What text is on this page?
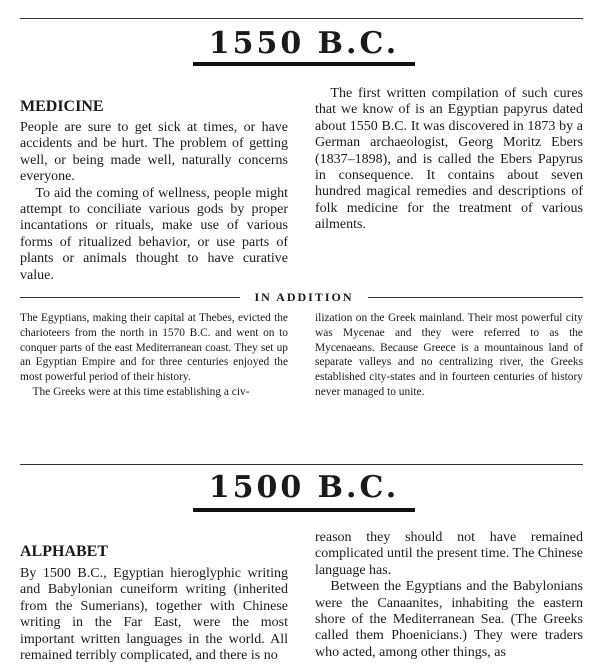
1550 B.C.
MEDICINE

People are sure to get sick at times, or have accidents and be hurt. The problem of getting well, or being made well, naturally concerns everyone.

To aid the coming of wellness, people might attempt to conciliate various gods by proper incantations or rituals, make use of various forms of ritualized behavior, or use parts of plants or animals thought to have curative value.

The first written compilation of such cures that we know of is an Egyptian papyrus dated about 1550 B.C. It was discovered in 1873 by a German archaeologist, Georg Moritz Ebers (1837–1898), and is called the Ebers Papyrus in consequence. It contains about seven hundred magical remedies and descriptions of folk medicine for the treatment of various ailments.

IN ADDITION

The Egyptians, making their capital at Thebes, evicted the charioteers from the north in 1570 B.C. and went on to conquer parts of the east Mediterranean coast. They set up an Egyptian Empire and for three centuries enjoyed the most powerful period of their history.

The Greeks were at this time establishing a civ-

ilization on the Greek mainland. Their most powerful city was Mycenae and they were referred to as the Mycenaeans. Because Greece is a mountainous land of separate valleys and no centralizing river, the Greeks established city-states and in fourteen centuries of history never managed to unite.

1500 B.C.
ALPHABET

By 1500 B.C., Egyptian hieroglyphic writing and Babylonian cuneiform writing (inherited from the Sumerians), together with Chinese writing in the Far East, were the most important written languages in the world. All remained terribly complicated, and there is no

reason they should not have remained complicated until the present time. The Chinese language has.

Between the Egyptians and the Babylonians were the Canaanites, inhabiting the eastern shore of the Mediterranean Sea. (The Greeks called them Phoenicians.) They were traders who acted, among other things, as
